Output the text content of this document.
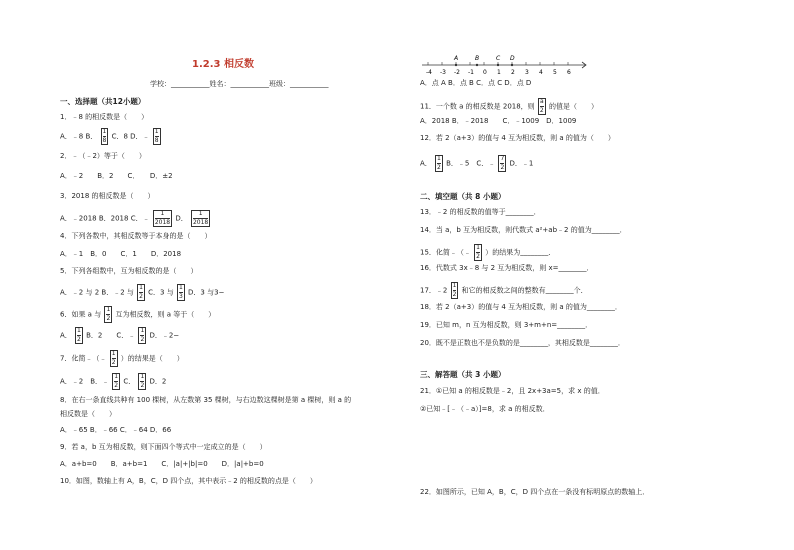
1.2.3 相反数
学校：___________姓名：___________班级：___________
一、选择题（共12小题）
1．﹣8 的相反数是（　　）
A．﹣8 B． $\frac{1}{8}$ C．8 D．﹣ $\frac{1}{8}$
2．﹣（﹣2）等于（　　）
A．﹣2　　B．2　　C．　　D．±2
3．2018 的相反数是（　　）
A．﹣2018 B．2018 C．﹣ $\frac{1}{2018}$ D． $\frac{1}{2018}$
4．下列各数中，其相反数等于本身的是（　　）
A．﹣1　B．0　　C．1　　D．2018
5．下列各组数中，互为相反数的是（　　）
A．﹣2 与 2 B．﹣2 与 $\frac{1}{2}$ C．3 与 $\frac{1}{3}$ D．3 与3−
6．如果 a 与 $\frac{1}{2}$ 互为相反数，则 a 等于（　　）
A． $\frac{1}{2}$ B．2　　C．﹣ $\frac{1}{2}$ D．﹣2−
7．化简﹣（﹣ $\frac{1}{2}$ ）的结果是（　　）
A．﹣2　B．﹣ $\frac{1}{2}$ C． $\frac{1}{2}$ D．2
8．在右一条直线共种有 100 棵树，从左数第 35 棵树，与右边数这棵树是第 a 棵树，则 a 的
相反数是（　　）
A．﹣65 B．﹣66 C．﹣64 D．66
9．若 a，b 互为相反数，则下面四个等式中一定成立的是（　　）
A．a+b=0　　B．a+b=1　　C．|a|+|b|=0　　D．|a|+b=0
10．如图，数轴上有 A，B，C，D 四个点，其中表示﹣2 的相反数的点是（　　）
-4 -3 -2 -1 0 1 2 3 4 5 6
A	B	C D
A．点 A B．点 B C．点 C D．点 D
11．一个数 a 的相反数是 2018，则 $\frac{a}{2}$ 的值是（　　）
A．2018 B．﹣2018　　C．﹣1009　D．1009
12．若 2（a+3）的值与 4 互为相反数，则 a 的值为（　　）
A． $\frac{1}{2}$ B．﹣5　C．﹣ $\frac{7}{2}$ D．﹣1
二、填空题（共 8 小题）
13．﹣2 的相反数的值等于________．
14．当 a，b 互为相反数，则代数式 a²+ab﹣2 的值为________．
15．化简﹣（﹣ $\frac{1}{2}$ ）的结果为________．
16．代数式 3x﹣8 与 2 互为相反数，则 x=________．
17．﹣2 $\frac{1}{2}$ 和它的相反数之间的整数有________个．
18．若 2（a+3）的值与 4 互为相反数，则 a 的值为________．
19．已知 m，n 互为相反数，则 3+m+n=________．
20．既不是正数也不是负数的是________，其相反数是________．
三、解答题（共 3 小题）
21．①已知 a 的相反数是﹣2，且 2x+3a=5，求 x 的值．
②已知﹣[﹣（﹣a）]=8，求 a 的相反数．
22．如图所示，已知 A，B，C，D 四个点在一条没有标明原点的数轴上．
